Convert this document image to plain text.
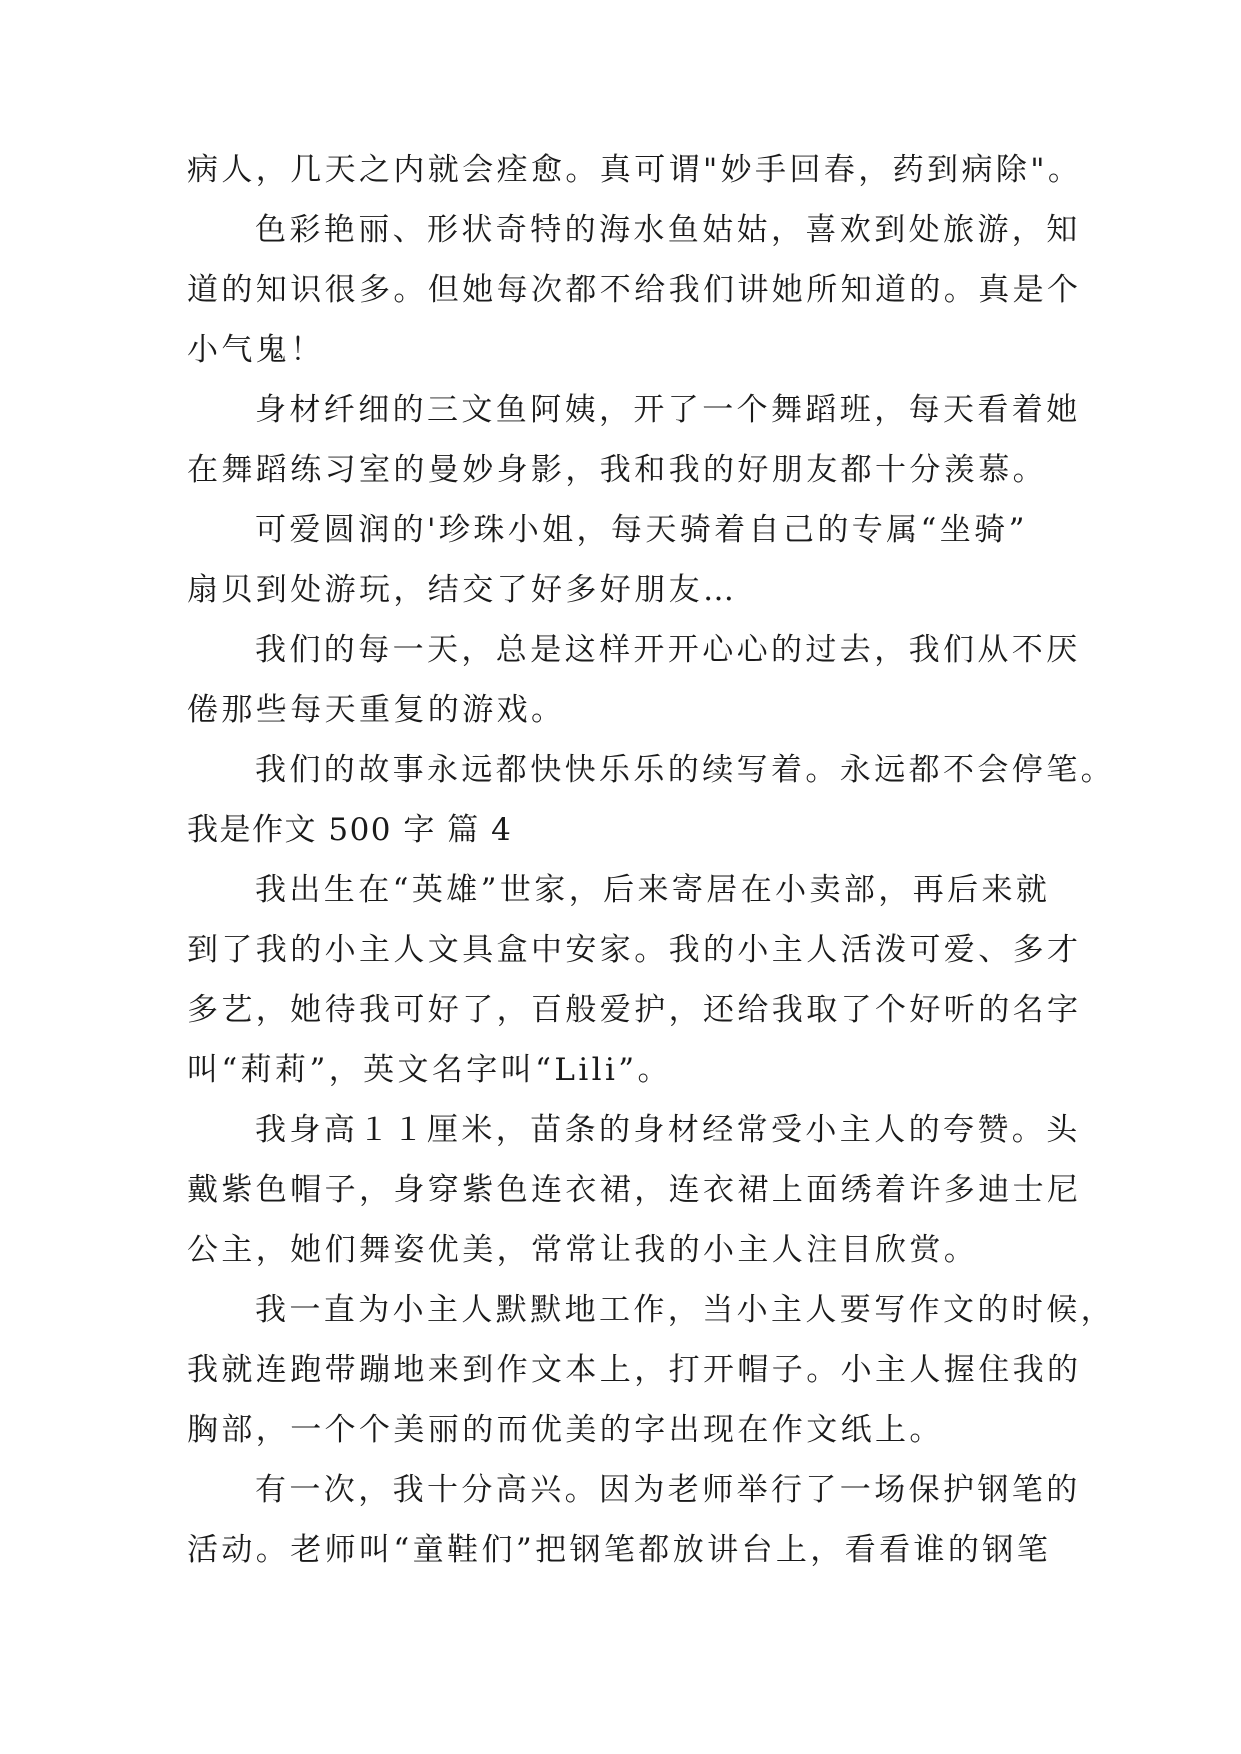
病人，几天之内就会痊愈。真可谓"妙手回春，药到病除"。
色彩艳丽、形状奇特的海水鱼姑姑，喜欢到处旅游，知
道的知识很多。但她每次都不给我们讲她所知道的。真是个
小气鬼！
身材纤细的三文鱼阿姨，开了一个舞蹈班，每天看着她
在舞蹈练习室的曼妙身影，我和我的好朋友都十分羡慕。
可爱圆润的'珍珠小姐，每天骑着自己的专属“坐骑”
扇贝到处游玩，结交了好多好朋友…
我们的每一天，总是这样开开心心的过去，我们从不厌
倦那些每天重复的游戏。
我们的故事永远都快快乐乐的续写着。永远都不会停笔。
我是作文 500 字 篇 4
我出生在“英雄”世家，后来寄居在小卖部，再后来就
到了我的小主人文具盒中安家。我的小主人活泼可爱、多才
多艺，她待我可好了，百般爱护，还给我取了个好听的名字
叫“莉莉”，英文名字叫“Lili”。
我身高１１厘米，苗条的身材经常受小主人的夸赞。头
戴紫色帽子，身穿紫色连衣裙，连衣裙上面绣着许多迪士尼
公主，她们舞姿优美，常常让我的小主人注目欣赏。
我一直为小主人默默地工作，当小主人要写作文的时候，
我就连跑带蹦地来到作文本上，打开帽子。小主人握住我的
胸部，一个个美丽的而优美的字出现在作文纸上。
有一次，我十分高兴。因为老师举行了一场保护钢笔的
活动。老师叫“童鞋们”把钢笔都放讲台上，看看谁的钢笔
